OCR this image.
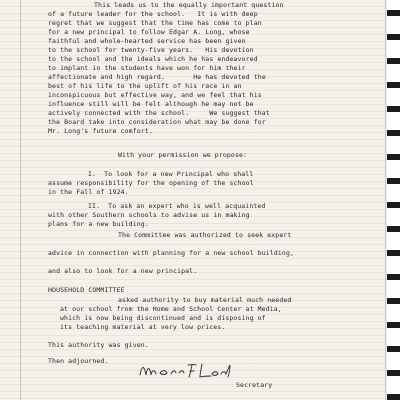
This leads us to the equally important question
of a future leader for the school.   It is with deep
regret that we suggest that the time has come to plan
for a new principal to follow Edgar A. Long, whose
faithful and whole-hearted service has been given
to the school for twenty-five years.   His devotion
to the school and the ideals which he has endeavored
to implant in the students have won for him their
affectionate and high regard.       He has devoted the
best of his life to the uplift of his race in an
inconspicuous but effective way, and we feel that his
influence still will be felt although he may not be
actively connected with the school.     We suggest that
the Board take into consideration what may be done for
Mr. Long's future comfort.
With your permission we propose:
I.  To look for a new Principal who shall
assume responsibility for the opening of the school
in the Fall of 1924.
II.  To ask an expert who is well acquainted
with other Southern schools to advise us in making
plans for a new building.
The Committee was authorized to seek expert
advice in connection with planning for a new school building,
and also to look for a new principal.
HOUSEHOLD COMMITTEE
asked authority to buy material much needed
at our school from the Home and School Center at Media,
which is now being discontinued and is disposing of
its teaching material at very low prices.
This authority was given.
Then adjourned.
Secretary
